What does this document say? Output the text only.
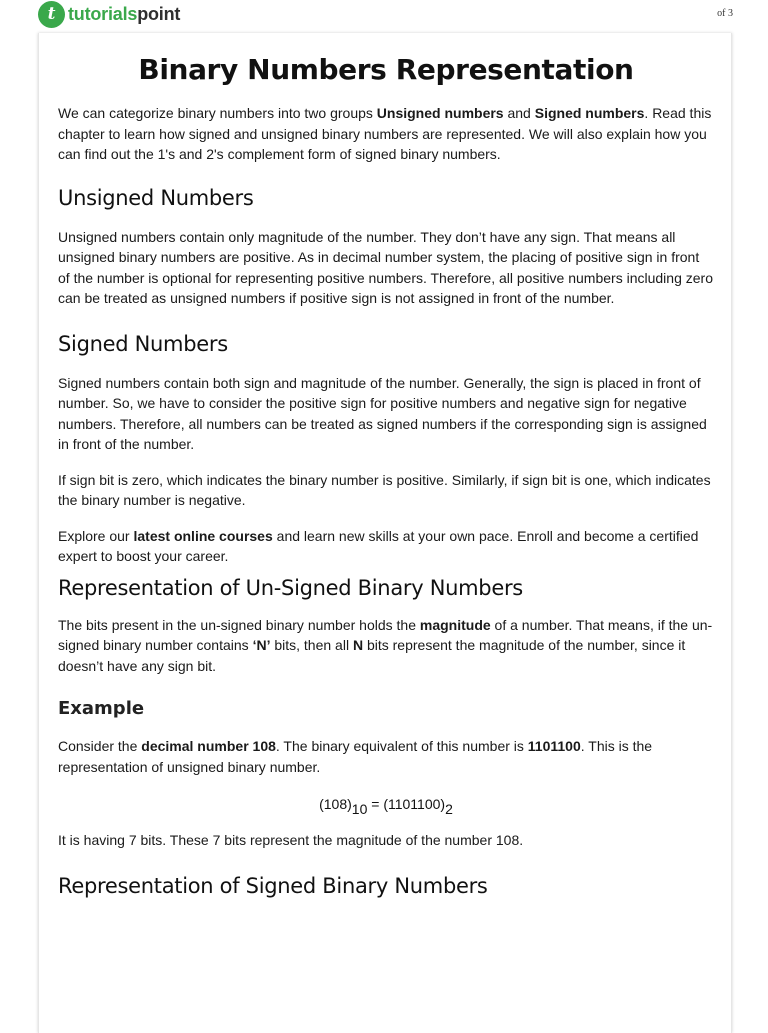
t tutorialspoint	of 3
Binary Numbers Representation

We can categorize binary numbers into two groups Unsigned numbers and Signed numbers. Read this chapter to learn how signed and unsigned binary numbers are represented. We will also explain how you can find out the 1's and 2's complement form of signed binary numbers.

Unsigned Numbers

Unsigned numbers contain only magnitude of the number. They don’t have any sign. That means all unsigned binary numbers are positive. As in decimal number system, the placing of positive sign in front of the number is optional for representing positive numbers. Therefore, all positive numbers including zero can be treated as unsigned numbers if positive sign is not assigned in front of the number.

Signed Numbers

Signed numbers contain both sign and magnitude of the number. Generally, the sign is placed in front of number. So, we have to consider the positive sign for positive numbers and negative sign for negative numbers. Therefore, all numbers can be treated as signed numbers if the corresponding sign is assigned in front of the number.

If sign bit is zero, which indicates the binary number is positive. Similarly, if sign bit is one, which indicates the binary number is negative.

Explore our latest online courses and learn new skills at your own pace. Enroll and become a certified expert to boost your career.

Representation of Un-Signed Binary Numbers

The bits present in the un-signed binary number holds the magnitude of a number. That means, if the un-signed binary number contains ‘N’ bits, then all N bits represent the magnitude of the number, since it doesn’t have any sign bit.

Example

Consider the decimal number 108. The binary equivalent of this number is 1101100. This is the representation of unsigned binary number.

$(108)_{10} = (1101100)_2$

It is having 7 bits. These 7 bits represent the magnitude of the number 108.

Representation of Signed Binary Numbers
